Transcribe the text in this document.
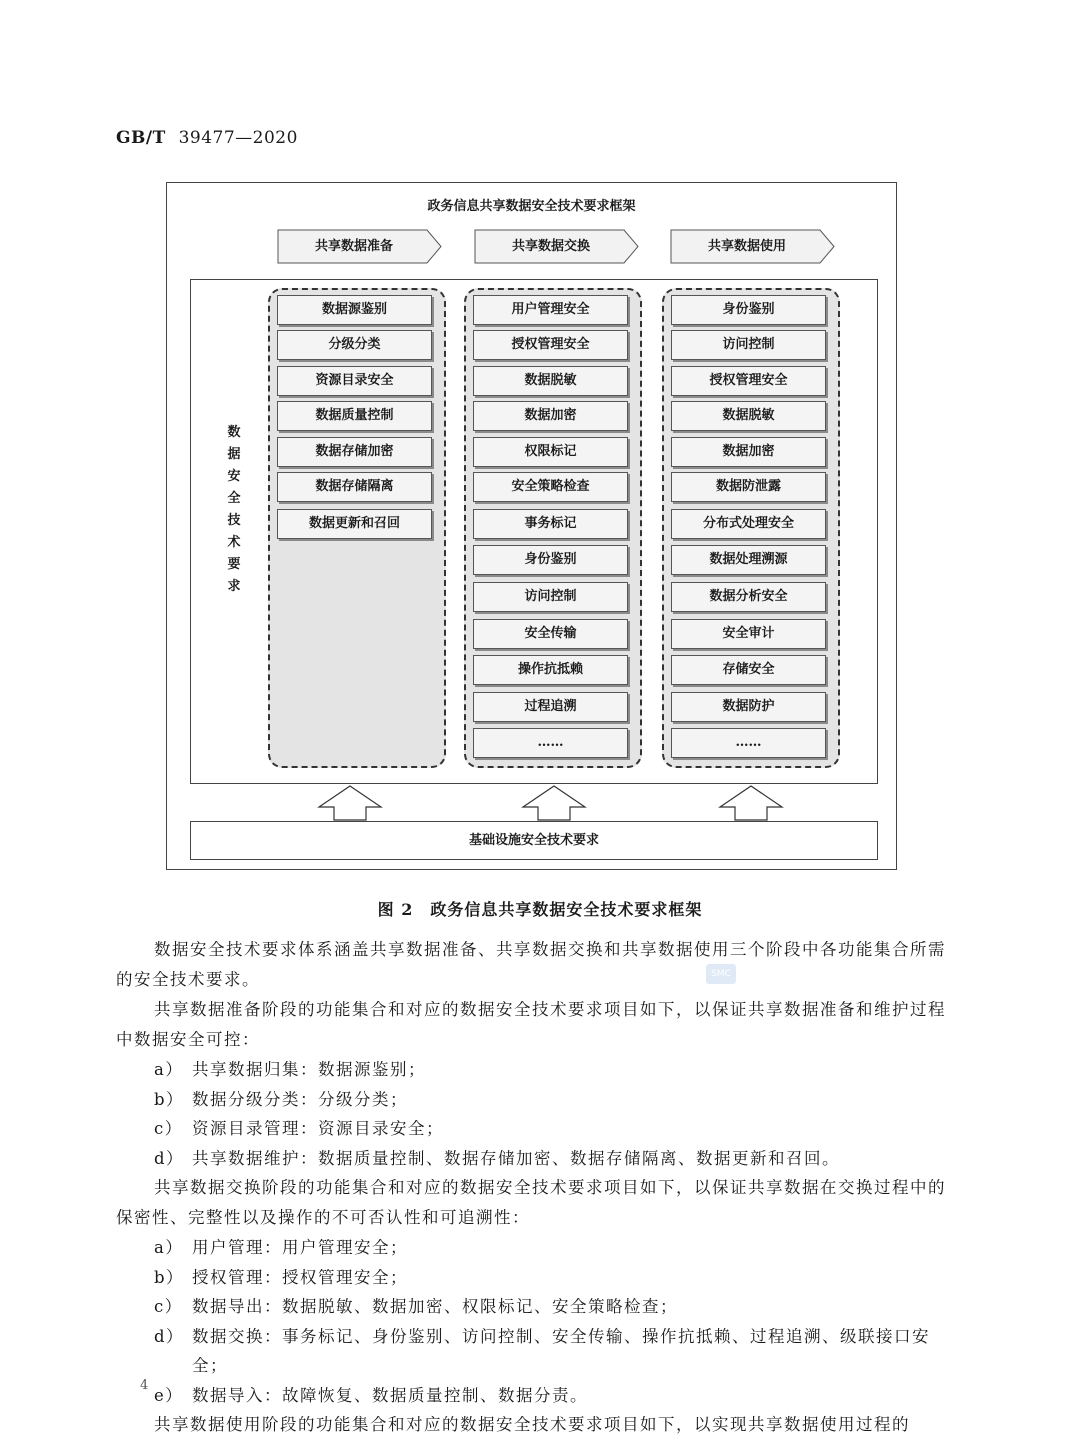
GB/T 39477—2020
政务信息共享数据安全技术要求框架
共享数据准备	共享数据交换	共享数据使用
数据安全技术要求
数据源鉴别
分级分类
资源目录安全
数据质量控制
数据存储加密
数据存储隔离
数据更新和召回
用户管理安全
授权管理安全
数据脱敏
数据加密
权限标记
安全策略检查
事务标记
身份鉴别
访问控制
安全传输
操作抗抵赖
过程追溯
……
身份鉴别
访问控制
授权管理安全
数据脱敏
数据加密
数据防泄露
分布式处理安全
数据处理溯源
数据分析安全
安全审计
存储安全
数据防护
……
基础设施安全技术要求
图 2　政务信息共享数据安全技术要求框架
SMC

数据安全技术要求体系涵盖共享数据准备、共享数据交换和共享数据使用三个阶段中各功能集合所需的安全技术要求。

共享数据准备阶段的功能集合和对应的数据安全技术要求项目如下，以保证共享数据准备和维护过程中数据安全可控：

a） 共享数据归集：数据源鉴别；

b） 数据分级分类：分级分类；

c） 资源目录管理：资源目录安全；

d） 共享数据维护：数据质量控制、数据存储加密、数据存储隔离、数据更新和召回。

共享数据交换阶段的功能集合和对应的数据安全技术要求项目如下，以保证共享数据在交换过程中的保密性、完整性以及操作的不可否认性和可追溯性：

a） 用户管理：用户管理安全；

b） 授权管理：授权管理安全；

c） 数据导出：数据脱敏、数据加密、权限标记、安全策略检查；

d） 数据交换：事务标记、身份鉴别、访问控制、安全传输、操作抗抵赖、过程追溯、级联接口安全；

e） 数据导入：故障恢复、数据质量控制、数据分责。

共享数据使用阶段的功能集合和对应的数据安全技术要求项目如下，以实现共享数据使用过程的

4
